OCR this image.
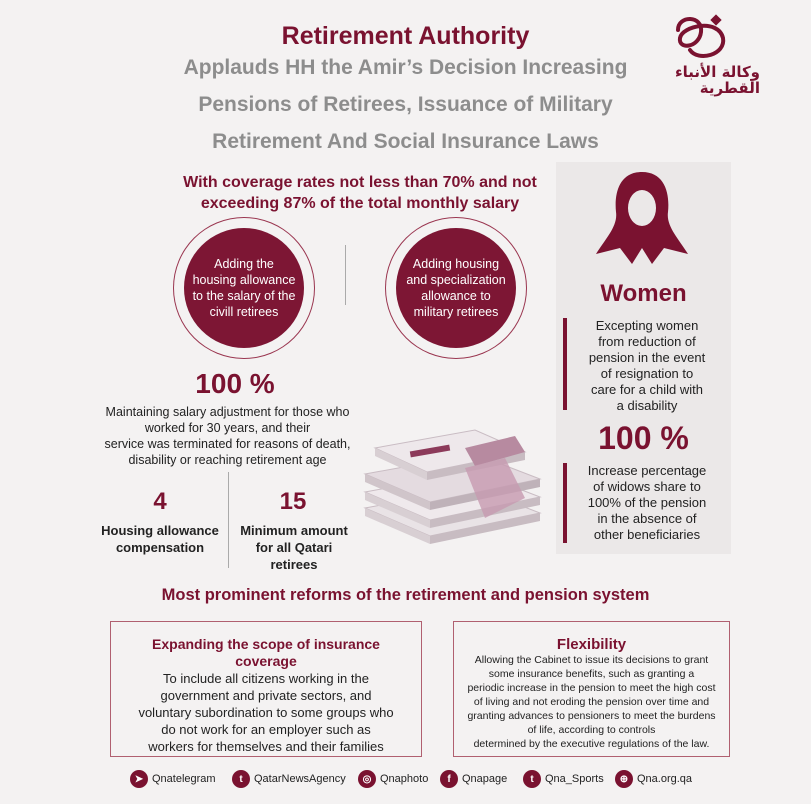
Retirement Authority
Applauds HH the Amir’s Decision Increasing
Pensions of Retirees, Issuance of Military
Retirement And Social Insurance Laws
وكالة الأنباء
القطرية
With coverage rates not less than 70% and not
exceeding 87% of the total monthly salary
Adding the housing allowance to the salary of the civill retirees
Adding housing and specialization allowance to military retirees
100 %
Maintaining salary adjustment for those who
worked for 30 years, and their
service was terminated for reasons of death,
disability or reaching retirement age
4
Housing allowance
compensation
15
Minimum amount
for all Qatari
retirees
Women
Excepting women
from reduction of
pension in the event
of resignation to
care for a child with
a disability
100 %
Increase percentage
of widows share to
100% of the pension
in the absence of
other beneficiaries
Most prominent reforms of the retirement and pension system
Expanding the scope of insurance
coverage
To include all citizens working in the
government and private sectors, and
voluntary subordination to some groups who
do not work for an employer such as
workers for themselves and their families
Flexibility
Allowing the Cabinet to issue its decisions to grant
some insurance benefits, such as granting a
periodic increase in the pension to meet the high cost
of living and not eroding the pension over time and
granting advances to pensioners to meet the burdens
of life, according to controls
determined by the executive regulations of the law.
➤ Qnatelegram	t	QatarNewsAgency	◎ Qnaphoto	f	Qnapage	t	Qna_Sports	⊕ Qna.org.qa
